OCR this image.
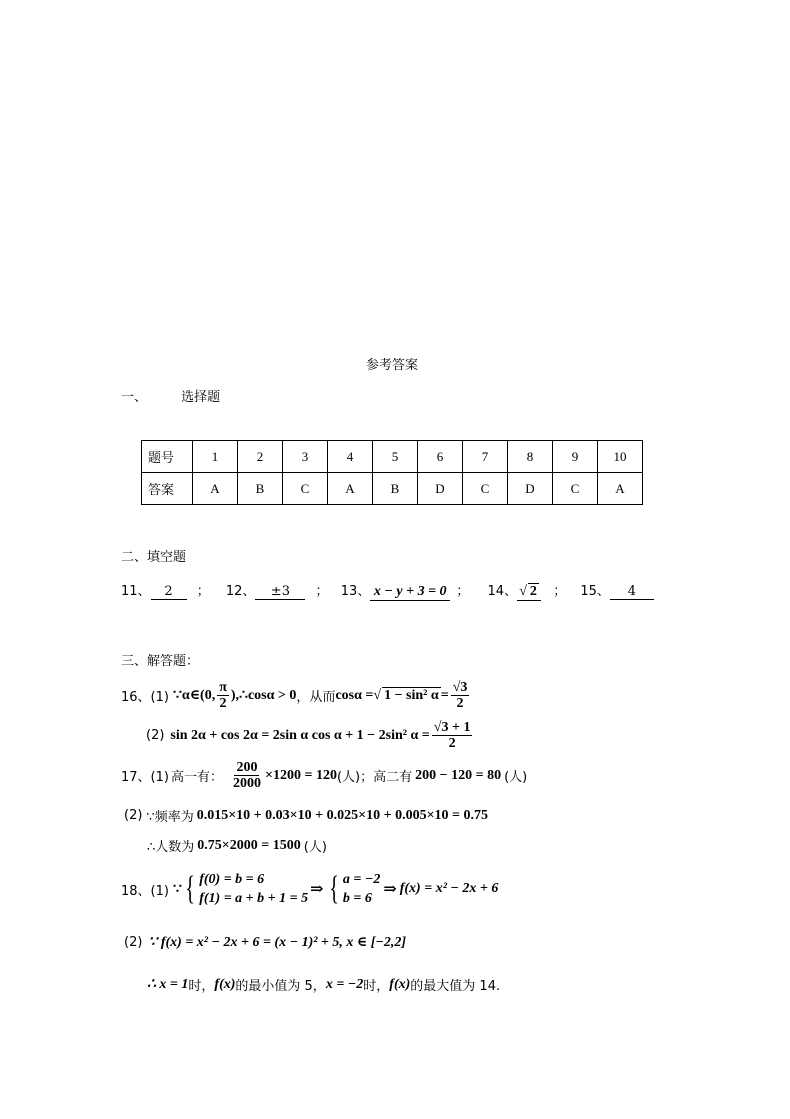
参考答案
一、	选择题
题号	1	2	3	4	5	6	7	8	9	10
答案	A	B	C	A	B	D	C	D	C	A
二、填空题
11、 2 ； 12、 ±3 ； 13、 x − y + 3 = 0 ； 14、 √ 2 ； 15、 4
三、解答题：
16、(1) ∵α∈(0, $\frac{\pi}{2}$ ),∴cosα > 0 ，从而 cosα = √ 1 − sin² $\alpha = \frac{√3}{2}$
(2) sin 2α + cos 2α = 2sin α cos α + 1 − 2sin² $\alpha = \frac{√3 + 1}{2}$
17、(1) 高一有： $\frac{200}{2000} \times 1200 = 120$ (人)；高二有 200 − 120 = 80 (人)
(2) ∵频率为 0.015×10 + 0.03×10 + 0.025×10 + 0.005×10 = 0.75
∴人数为 0.75×2000 = 1500 (人)
18、(1) ∵ { f(0) = b = 6
f(1) = a + b + 1 = 5
⇒ { a = −2
b = 6
⇒ f(x) = x² − 2x + 6
(2) ∵ f(x) = x² − 2x + 6 = (x − 1)² + 5, x ∈ [−2,2]
∴ x = 1 时， f(x) 的最小值为 5， x = −2 时， f(x) 的最大值为 14.
